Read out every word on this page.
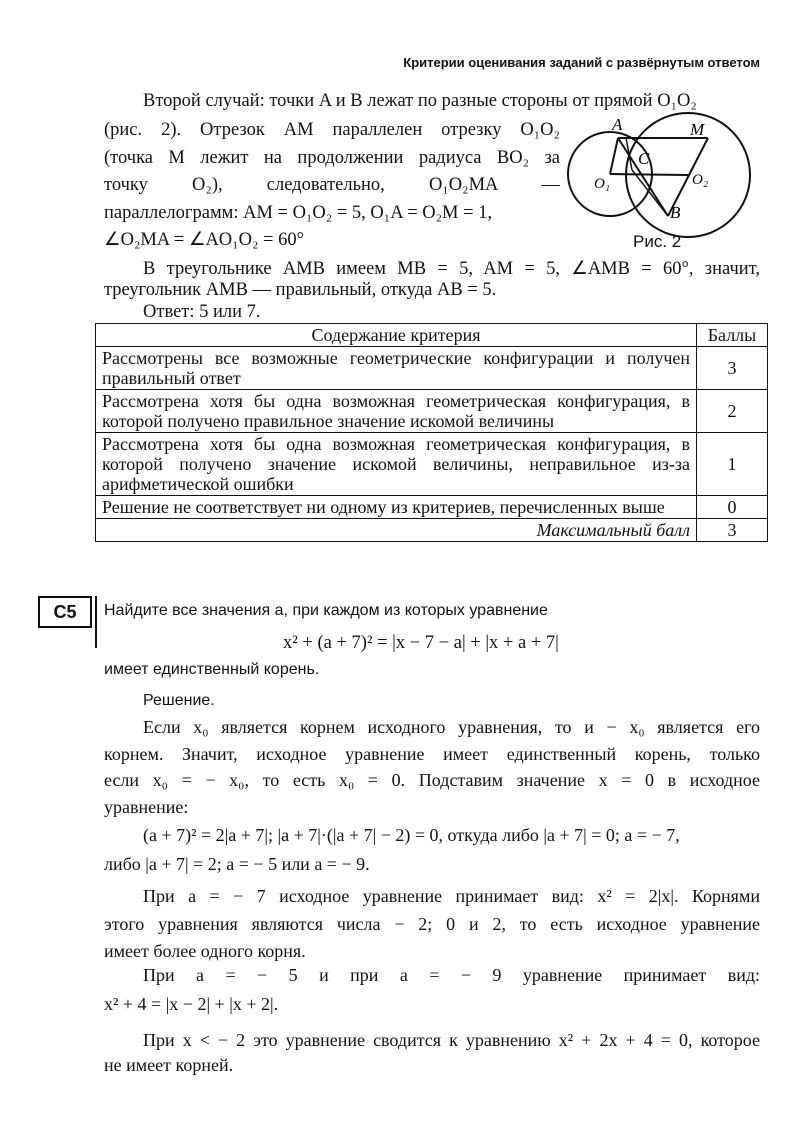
Критерии оценивания заданий с развёрнутым ответом
Второй случай: точки A и B лежат по разные стороны от прямой O₁O₂
(рис. 2). Отрезок AM параллелен отрезку O₁O₂
(точка M лежит на продолжении радиуса BO₂ за
точку O₂), следовательно, O₁O₂MA —
параллелограмм: AM = O₁O₂ = 5, O₁A = O₂M = 1,
∠O₂MA = ∠AO₁O₂ = 60°
В треугольнике AMB имеем MB = 5, AM = 5, ∠AMB = 60°, значит,
треугольник AMB — правильный, откуда AB = 5.
Ответ: 5 или 7.
A	M
C
O₁	O₂
B
Рис. 2
Содержание критерия	Баллы
Рассмотрены все возможные геометрические конфигурации и получен правильный ответ	3
Рассмотрена хотя бы одна возможная геометрическая конфигурация, в которой получено правильное значение искомой величины	2
Рассмотрена хотя бы одна возможная геометрическая конфигурация, в которой получено значение искомой величины, неправильное из-за арифметической ошибки	1
Решение не соответствует ни одному из критериев, перечисленных выше	0
Максимальный балл	3
C5	Найдите все значения a, при каждом из которых уравнение
x² + (a + 7)² = |x − 7 − a| + |x + a + 7|
имеет единственный корень.
Решение.
Если x₀ является корнем исходного уравнения, то и − x₀ является его
корнем. Значит, исходное уравнение имеет единственный корень, только
если x₀ = − x₀, то есть x₀ = 0. Подставим значение x = 0 в исходное
уравнение:
(a + 7)² = 2|a + 7|; |a + 7|·(|a + 7| − 2) = 0, откуда либо |a + 7| = 0; a = − 7,
либо |a + 7| = 2; a = − 5 или a = − 9.
При a = − 7 исходное уравнение принимает вид: x² = 2|x|. Корнями
этого уравнения являются числа − 2; 0 и 2, то есть исходное уравнение
имеет более одного корня.
При a = − 5 и при a = − 9 уравнение принимает вид:
x² + 4 = |x − 2| + |x + 2|.
При x < − 2 это уравнение сводится к уравнению x² + 2x + 4 = 0, которое
не имеет корней.
